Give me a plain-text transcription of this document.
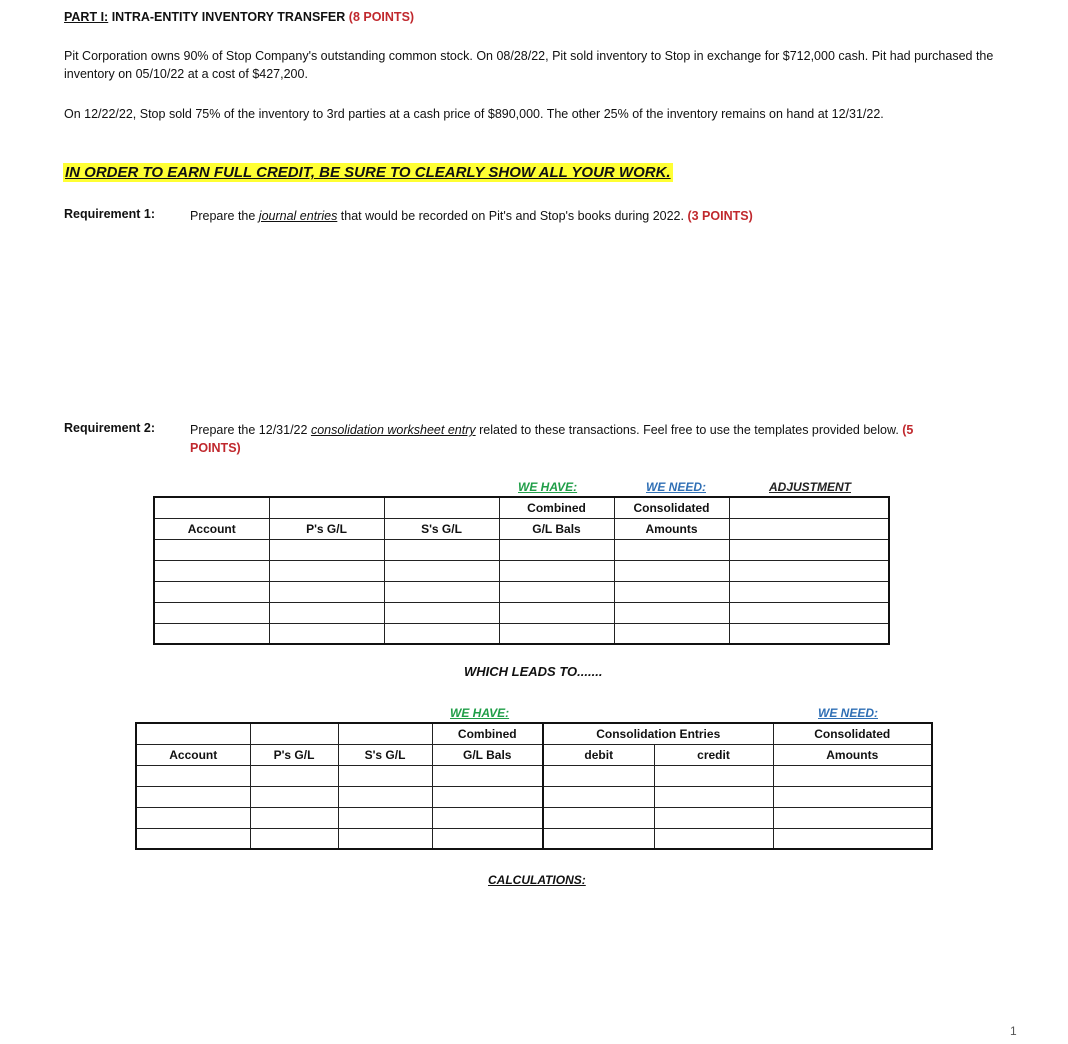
PART I: INTRA-ENTITY INVENTORY TRANSFER (8 POINTS)
Pit Corporation owns 90% of Stop Company's outstanding common stock. On 08/28/22, Pit sold inventory to Stop in exchange for $712,000 cash. Pit had purchased the inventory on 05/10/22 at a cost of $427,200.
On 12/22/22, Stop sold 75% of the inventory to 3rd parties at a cash price of $890,000. The other 25% of the inventory remains on hand at 12/31/22.
IN ORDER TO EARN FULL CREDIT, BE SURE TO CLEARLY SHOW ALL YOUR WORK.
Requirement 1:	Prepare the journal entries that would be recorded on Pit's and Stop's books during 2022. (3 POINTS)
Requirement 2:	Prepare the 12/31/22 consolidation worksheet entry related to these transactions. Feel free to use the templates provided below. (5 POINTS)
WE HAVE:	WE NEED:	ADJUSTMENT
			Combined	Consolidated	
Account	P's G/L	S's G/L	G/L Bals	Amounts	

WHICH LEADS TO.......
WE HAVE:	WE NEED:
			Combined	Consolidation Entries		Consolidated
Account	P's G/L	S's G/L	G/L Bals	debit	credit	Amounts

CALCULATIONS:
1
